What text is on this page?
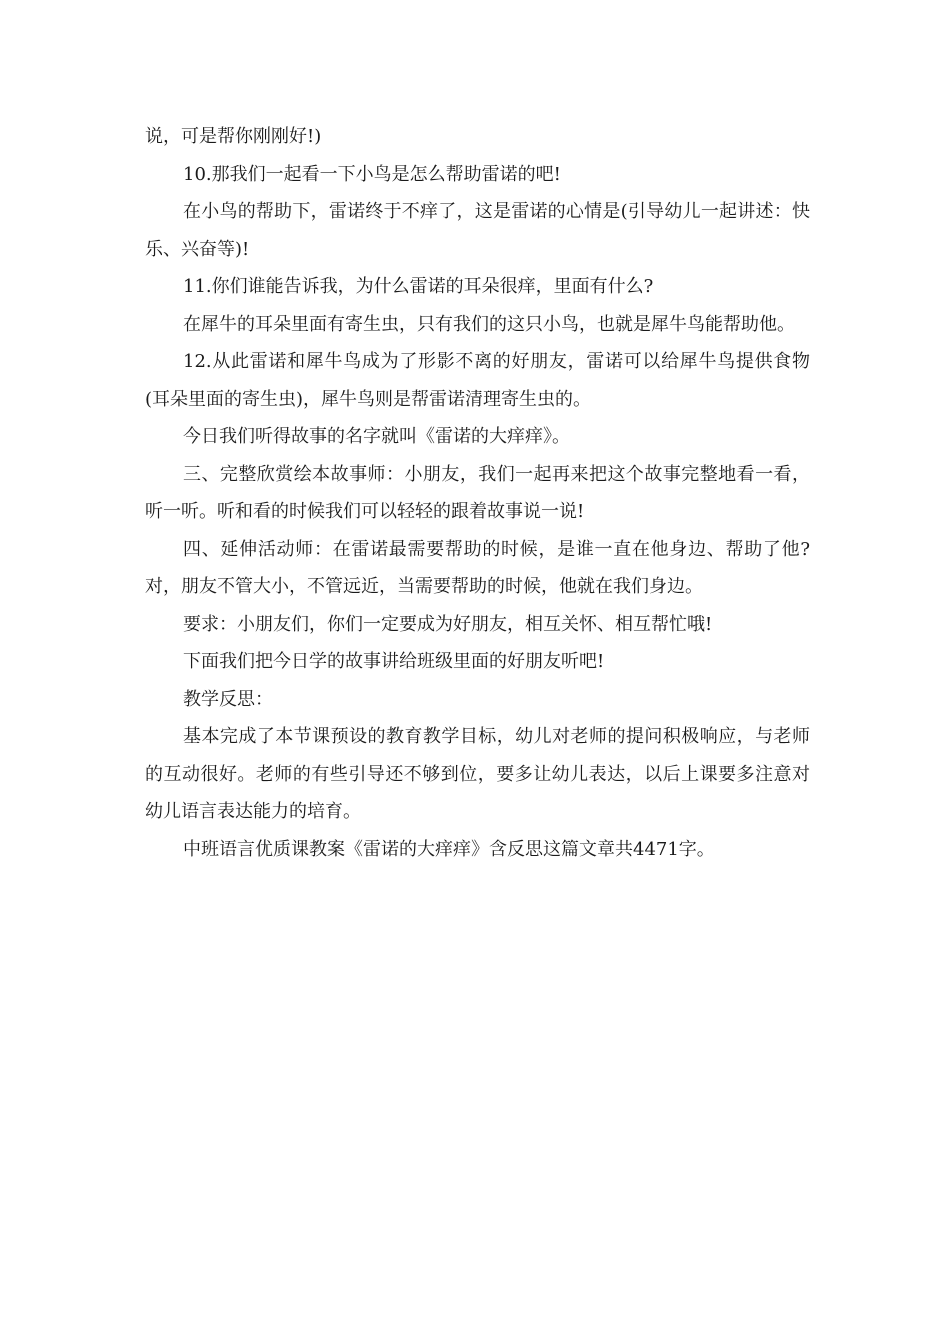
说，可是帮你刚刚好!)

10.那我们一起看一下小鸟是怎么帮助雷诺的吧!

在小鸟的帮助下，雷诺终于不痒了，这是雷诺的心情是(引导幼儿一起讲述：快乐、兴奋等)!

11.你们谁能告诉我，为什么雷诺的耳朵很痒，里面有什么?

在犀牛的耳朵里面有寄生虫，只有我们的这只小鸟，也就是犀牛鸟能帮助他。

12.从此雷诺和犀牛鸟成为了形影不离的好朋友，雷诺可以给犀牛鸟提供食物(耳朵里面的寄生虫)，犀牛鸟则是帮雷诺清理寄生虫的。

今日我们听得故事的名字就叫《雷诺的大痒痒》。

三、完整欣赏绘本故事师：小朋友，我们一起再来把这个故事完整地看一看，听一听。听和看的时候我们可以轻轻的跟着故事说一说!

四、延伸活动师：在雷诺最需要帮助的时候，是谁一直在他身边、帮助了他?对，朋友不管大小，不管远近，当需要帮助的时候，他就在我们身边。

要求：小朋友们，你们一定要成为好朋友，相互关怀、相互帮忙哦!

下面我们把今日学的故事讲给班级里面的好朋友听吧!

教学反思：

基本完成了本节课预设的教育教学目标，幼儿对老师的提问积极响应，与老师的互动很好。老师的有些引导还不够到位，要多让幼儿表达，以后上课要多注意对幼儿语言表达能力的培育。

中班语言优质课教案《雷诺的大痒痒》含反思这篇文章共4471字。
